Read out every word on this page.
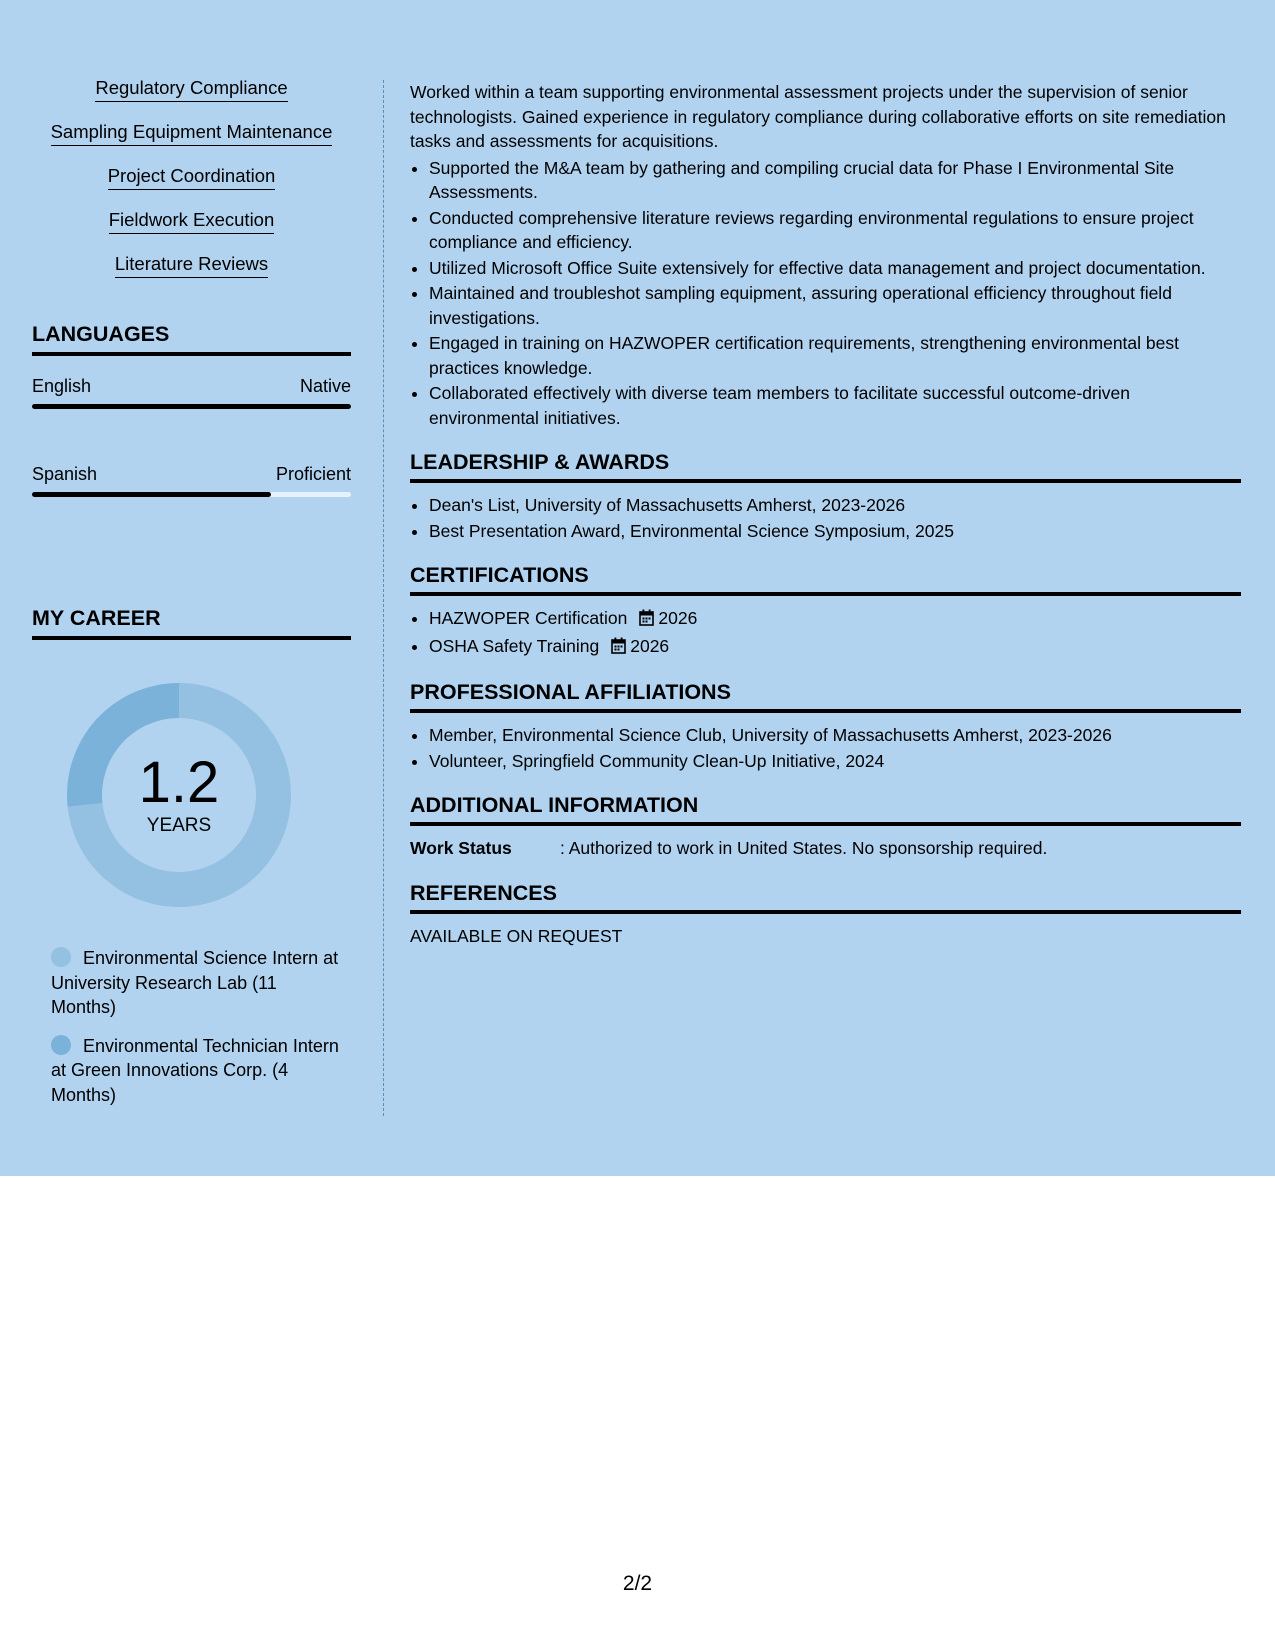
Regulatory Compliance
Sampling Equipment Maintenance
Project Coordination
Fieldwork Execution
Literature Reviews
LANGUAGES
English	Native
Spanish	Proficient
MY CAREER
1.2
YEARS
Environmental Science Intern at University Research Lab (11 Months)
Environmental Technician Intern at Green Innovations Corp. (4 Months)

Worked within a team supporting environmental assessment projects under the supervision of senior technologists. Gained experience in regulatory compliance during collaborative efforts on site remediation tasks and assessments for acquisitions.

• Supported the M&A team by gathering and compiling crucial data for Phase I Environmental Site Assessments.
• Conducted comprehensive literature reviews regarding environmental regulations to ensure project compliance and efficiency.
• Utilized Microsoft Office Suite extensively for effective data management and project documentation.
• Maintained and troubleshot sampling equipment, assuring operational efficiency throughout field investigations.
• Engaged in training on HAZWOPER certification requirements, strengthening environmental best practices knowledge.
• Collaborated effectively with diverse team members to facilitate successful outcome-driven environmental initiatives.
LEADERSHIP & AWARDS
• Dean's List, University of Massachusetts Amherst, 2023-2026
• Best Presentation Award, Environmental Science Symposium, 2025
CERTIFICATIONS
• HAZWOPER Certification 2026
• OSHA Safety Training 2026
PROFESSIONAL AFFILIATIONS
• Member, Environmental Science Club, University of Massachusetts Amherst, 2023-2026
• Volunteer, Springfield Community Clean-Up Initiative, 2024
ADDITIONAL INFORMATION
Work Status	: Authorized to work in United States. No sponsorship required.
REFERENCES
AVAILABLE ON REQUEST
2/2
